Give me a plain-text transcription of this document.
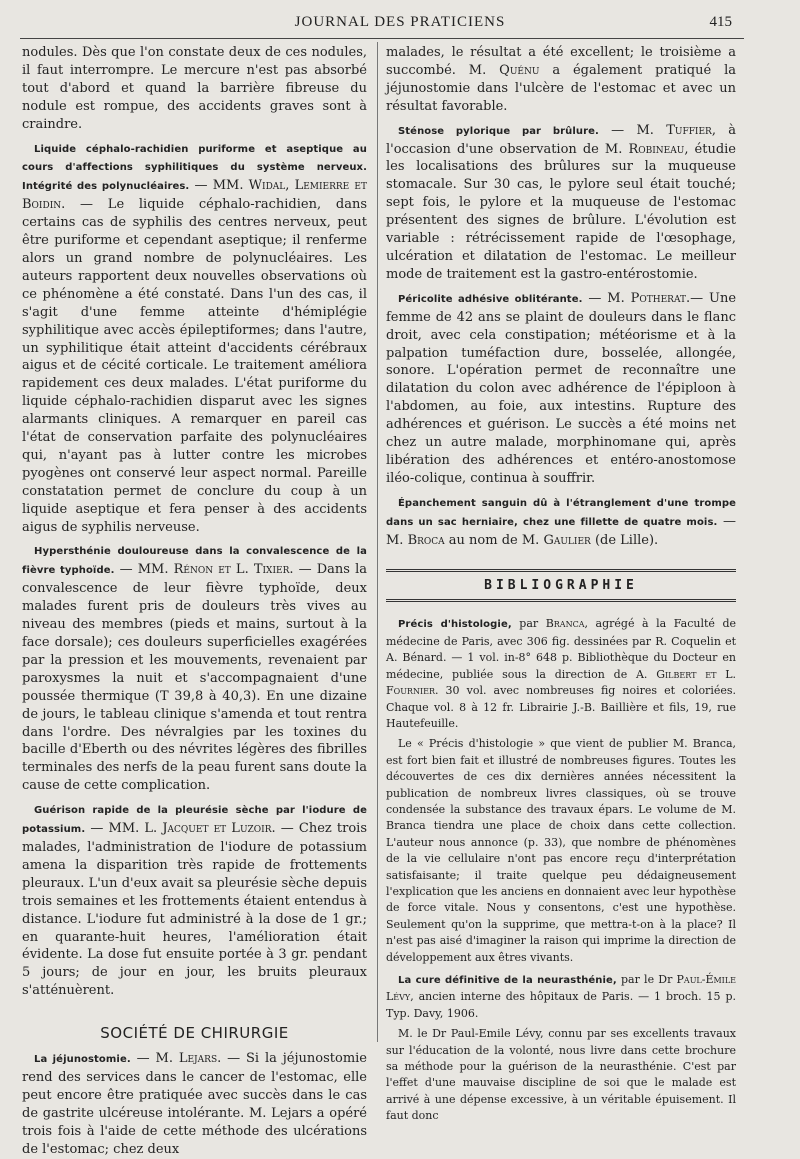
JOURNAL DES PRATICIENS	415

nodules. Dès que l'on constate deux de ces nodules, il faut interrompre. Le mercure n'est pas absorbé tout d'abord et quand la barrière fibreuse du nodule est rompue, des accidents graves sont à craindre.

Liquide céphalo-rachidien puriforme et aseptique au cours d'affections syphilitiques du système nerveux. Intégrité des polynucléaires. — MM. Widal, Lemierre et Boidin. — Le liquide céphalo-rachidien, dans certains cas de syphilis des centres nerveux, peut être puriforme et cependant aseptique; il renferme alors un grand nombre de polynucléaires. Les auteurs rapportent deux nouvelles observations où ce phénomène a été constaté. Dans l'un des cas, il s'agit d'une femme atteinte d'hémiplégie syphilitique avec accès épileptiformes; dans l'autre, un syphilitique était atteint d'accidents cérébraux aigus et de cécité corticale. Le traitement améliora rapidement ces deux malades. L'état puriforme du liquide céphalo-rachidien disparut avec les signes alarmants cliniques. A remarquer en pareil cas l'état de conservation parfaite des polynucléaires qui, n'ayant pas à lutter contre les microbes pyogènes ont conservé leur aspect normal. Pareille constatation permet de conclure du coup à un liquide aseptique et fera penser à des accidents aigus de syphilis nerveuse.

Hypersthénie douloureuse dans la convalescence de la fièvre typhoïde. — MM. Rénon et L. Tixier. — Dans la convalescence de leur fièvre typhoïde, deux malades furent pris de douleurs très vives au niveau des membres (pieds et mains, surtout à la face dorsale); ces douleurs superficielles exagérées par la pression et les mouvements, revenaient par paroxysmes la nuit et s'accompagnaient d'une poussée thermique (T 39,8 à 40,3). En une dizaine de jours, le tableau clinique s'amenda et tout rentra dans l'ordre. Des névralgies par les toxines du bacille d'Eberth ou des névrites légères des fibrilles terminales des nerfs de la peau furent sans doute la cause de cette complication.

Guérison rapide de la pleurésie sèche par l'iodure de potassium. — MM. L. Jacquet et Luzoir. — Chez trois malades, l'administration de l'iodure de potassium amena la disparition très rapide de frottements pleuraux. L'un d'eux avait sa pleurésie sèche depuis trois semaines et les frottements étaient entendus à distance. L'iodure fut administré à la dose de 1 gr.; en quarante-huit heures, l'amélioration était évidente. La dose fut ensuite portée à 3 gr. pendant 5 jours; de jour en jour, les bruits pleuraux s'atténuèrent.

SOCIÉTÉ DE CHIRURGIE

La jéjunostomie. — M. Lejars. — Si la jéjunostomie rend des services dans le cancer de l'estomac, elle peut encore être pratiquée avec succès dans le cas de gastrite ulcéreuse intolérante. M. Lejars a opéré trois fois à l'aide de cette méthode des ulcérations de l'estomac; chez deux

malades, le résultat a été excellent; le troisième a succombé. M. Quénu a également pratiqué la jéjunostomie dans l'ulcère de l'estomac et avec un résultat favorable.

Sténose pylorique par brûlure. — M. Tuffier, à l'occasion d'une observation de M. Robineau, étudie les localisations des brûlures sur la muqueuse stomacale. Sur 30 cas, le pylore seul était touché; sept fois, le pylore et la muqueuse de l'estomac présentent des signes de brûlure. L'évolution est variable : rétrécissement rapide de l'œsophage, ulcération et dilatation de l'estomac. Le meilleur mode de traitement est la gastro-entérostomie.

Péricolite adhésive oblitérante. — M. Potherat.— Une femme de 42 ans se plaint de douleurs dans le flanc droit, avec cela constipation; météorisme et à la palpation tuméfaction dure, bosselée, allongée, sonore. L'opération permet de reconnaître une dilatation du colon avec adhérence de l'épiploon à l'abdomen, au foie, aux intestins. Rupture des adhérences et guérison. Le succès a été moins net chez un autre malade, morphinomane qui, après libération des adhérences et entéro-anostomose iléo-colique, continua à souffrir.

Épanchement sanguin dû à l'étranglement d'une trompe dans un sac herniaire, chez une fillette de quatre mois. — M. Broca au nom de M. Gaulier (de Lille).

BIBLIOGRAPHIE

Précis d'histologie, par Branca, agrégé à la Faculté de médecine de Paris, avec 306 fig. dessinées par R. Coquelin et A. Bénard. — 1 vol. in-8° 648 p. Bibliothèque du Docteur en médecine, publiée sous la direction de A. Gilbert et L. Fournier. 30 vol. avec nombreuses fig noires et coloriées. Chaque vol. 8 à 12 fr. Librairie J.-B. Baillière et fils, 19, rue Hautefeuille.

Le « Précis d'histologie » que vient de publier M. Branca, est fort bien fait et illustré de nombreuses figures. Toutes les découvertes de ces dix dernières années nécessitent la publication de nombreux livres classiques, où se trouve condensée la substance des travaux épars. Le volume de M. Branca tiendra une place de choix dans cette collection. L'auteur nous annonce (p. 33), que nombre de phénomènes de la vie cellulaire n'ont pas encore reçu d'interprétation satisfaisante; il traite quelque peu dédaigneusement l'explication que les anciens en donnaient avec leur hypothèse de force vitale. Nous y consentons, c'est une hypothèse. Seulement qu'on la supprime, que mettra-t-on à la place? Il n'est pas aisé d'imaginer la raison qui imprime la direction de développement aux êtres vivants.

La cure définitive de la neurasthénie, par le Dr Paul-Émile Lévy, ancien interne des hôpitaux de Paris. — 1 broch. 15 p. Typ. Davy, 1906.

M. le Dr Paul-Emile Lévy, connu par ses excellents travaux sur l'éducation de la volonté, nous livre dans cette brochure sa méthode pour la guérison de la neurasthénie. C'est par l'effet d'une mauvaise discipline de soi que le malade est arrivé à une dépense excessive, à un véritable épuisement. Il faut donc
